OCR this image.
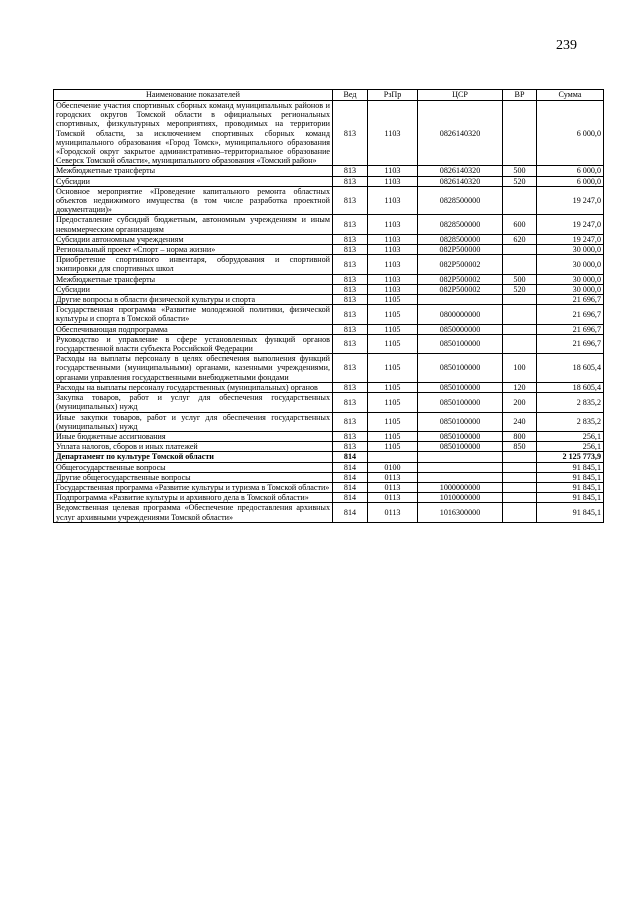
239
Наименование показателей	Вед	РзПр	ЦСР	ВР	Сумма
Обеспечение участия спортивных сборных команд муниципальных районов и городских округов Томской области в официальных региональных спортивных, физкультурных мероприятиях, проводимых на территории Томской области, за исключением спортивных сборных команд муниципального образования «Город Томск», муниципального образования «Городской округ закрытое административно–территориальное образование Северск Томской области», муниципального образования «Томский район»	813	1103	0826140320		6 000,0
Межбюджетные трансферты	813	1103	0826140320	500	6 000,0
Субсидии	813	1103	0826140320	520	6 000,0
Основное мероприятие «Проведение капитального ремонта областных объектов недвижимого имущества (в том числе разработка проектной документации)»	813	1103	0828500000		19 247,0
Предоставление субсидий бюджетным, автономным учреждениям и иным некоммерческим организациям	813	1103	0828500000	600	19 247,0
Субсидии автономным учреждениям	813	1103	0828500000	620	19 247,0
Региональный проект «Спорт – норма жизни»	813	1103	082P500000		30 000,0
Приобретение спортивного инвентаря, оборудования и спортивной экипировки для спортивных школ	813	1103	082P500002		30 000,0
Межбюджетные трансферты	813	1103	082P500002	500	30 000,0
Субсидии	813	1103	082P500002	520	30 000,0
Другие вопросы в области физической культуры и спорта	813	1105			21 696,7
Государственная программа «Развитие молодежной политики, физической культуры и спорта в Томской области»	813	1105	0800000000		21 696,7
Обеспечивающая подпрограмма	813	1105	0850000000		21 696,7
Руководство и управление в сфере установленных функций органов государственной власти субъекта Российской Федерации	813	1105	0850100000		21 696,7
Расходы на выплаты персоналу в целях обеспечения выполнения функций государственными (муниципальными) органами, казенными учреждениями, органами управления государственными внебюджетными фондами	813	1105	0850100000	100	18 605,4
Расходы на выплаты персоналу государственных (муниципальных) органов	813	1105	0850100000	120	18 605,4
Закупка товаров, работ и услуг для обеспечения государственных (муниципальных) нужд	813	1105	0850100000	200	2 835,2
Иные закупки товаров, работ и услуг для обеспечения государственных (муниципальных) нужд	813	1105	0850100000	240	2 835,2
Иные бюджетные ассигнования	813	1105	0850100000	800	256,1
Уплата налогов, сборов и иных платежей	813	1105	0850100000	850	256,1
Департамент по культуре Томской области	814				2 125 773,9
Общегосударственные вопросы	814	0100			91 845,1
Другие общегосударственные вопросы	814	0113			91 845,1
Государственная программа «Развитие культуры и туризма в Томской области»	814	0113	1000000000		91 845,1
Подпрограмма «Развитие культуры и архивного дела в Томской области»	814	0113	1010000000		91 845,1
Ведомственная целевая программа «Обеспечение предоставления архивных услуг архивными учреждениями Томской области»	814	0113	1016300000		91 845,1
